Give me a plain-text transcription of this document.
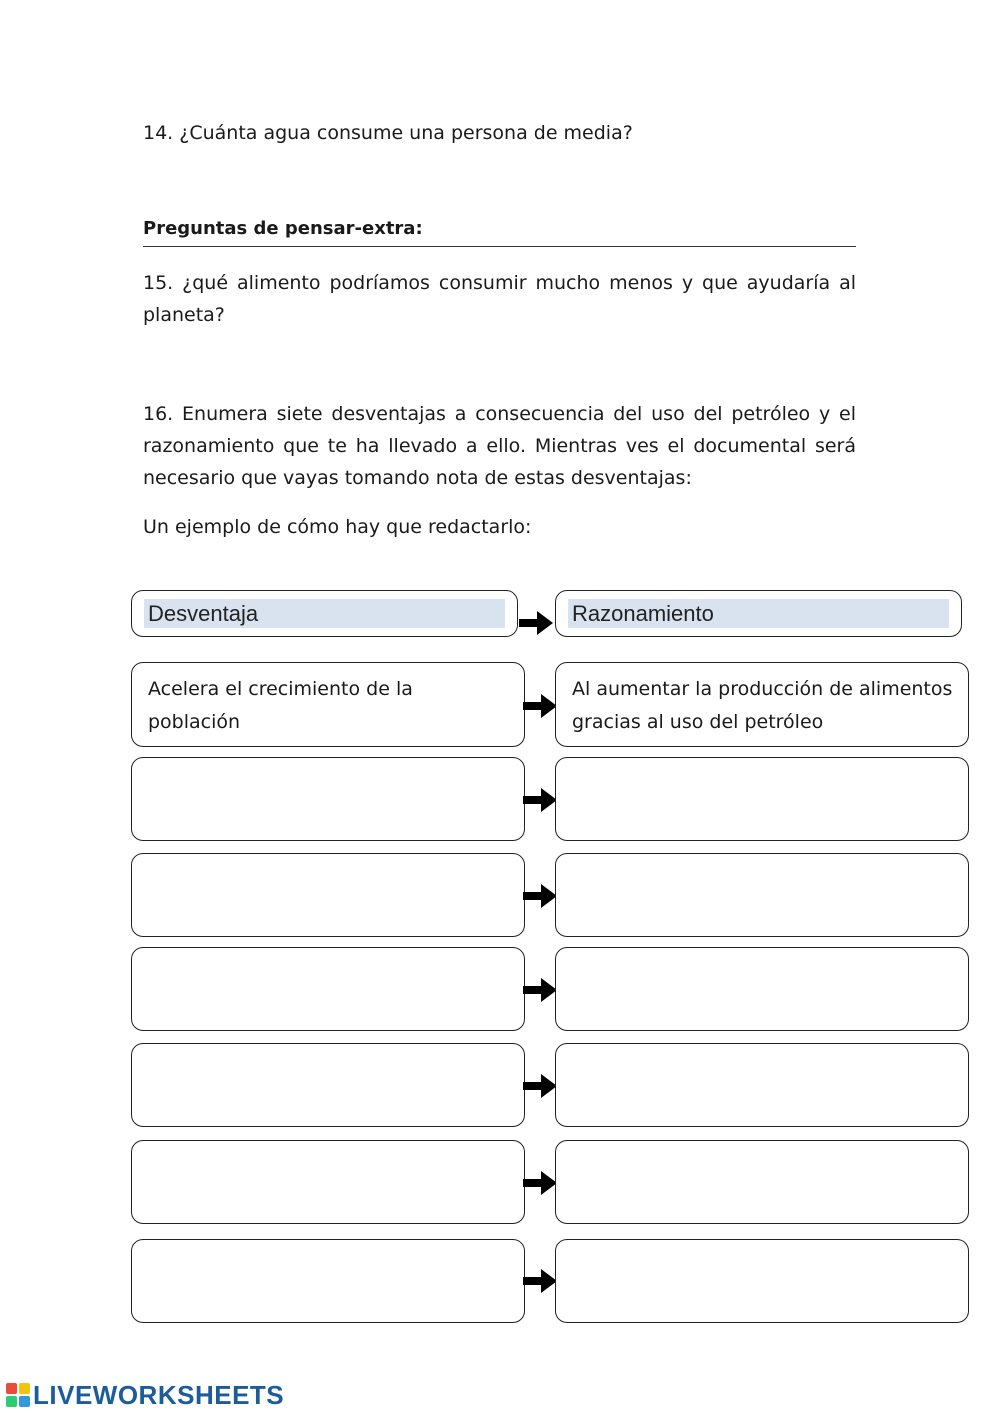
14. ¿Cuánta agua consume una persona de media?
Preguntas de pensar-extra:
15. ¿qué alimento podríamos consumir mucho menos y que ayudaría al planeta?
16. Enumera siete desventajas a consecuencia del uso del petróleo y el razonamiento que te ha llevado a ello. Mientras ves el documental será necesario que vayas tomando nota de estas desventajas:
Un ejemplo de cómo hay que redactarlo:
Desventaja	Razonamiento
Acelera el crecimiento de la población
Al aumentar la producción de alimentos gracias al uso del petróleo
LIVEWORKSHEETS
